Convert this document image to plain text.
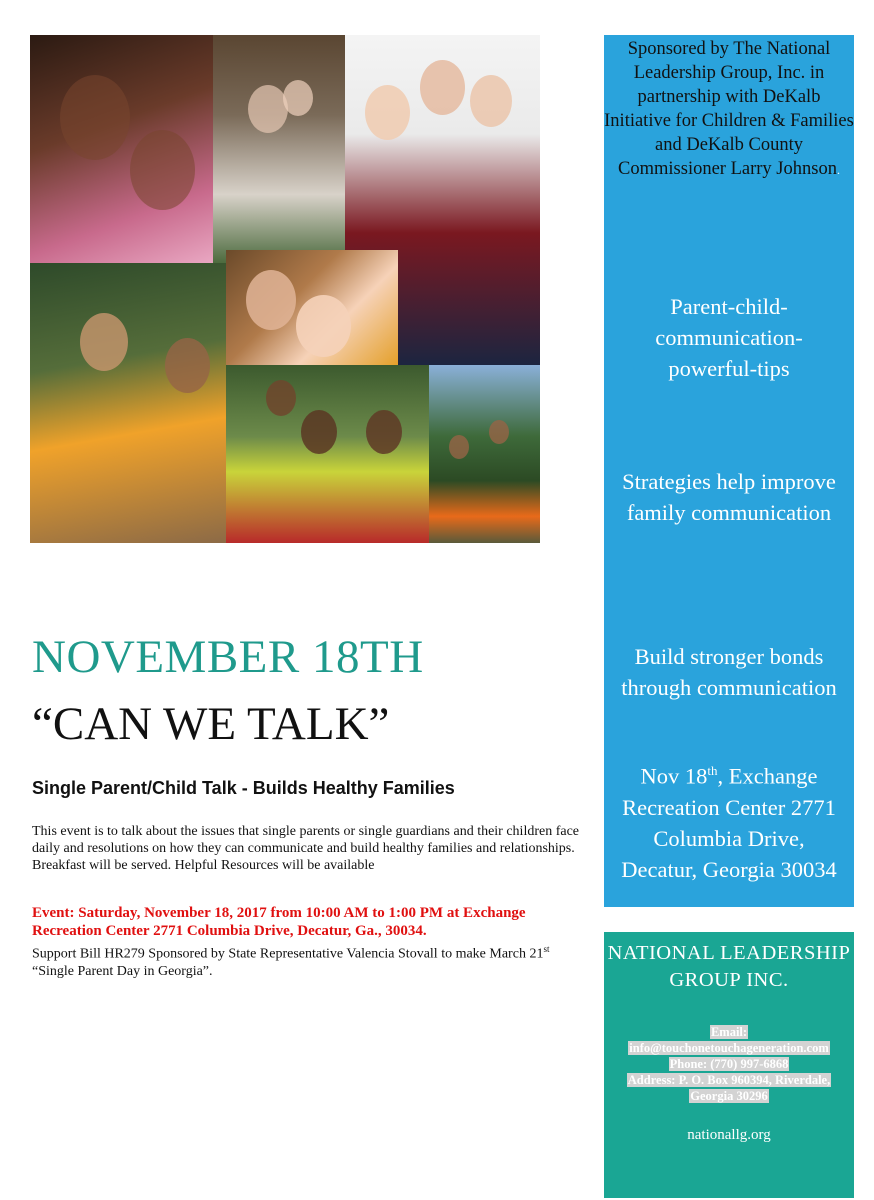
NOVEMBER 18TH
“CAN WE TALK”
Single Parent/Child Talk - Builds Healthy Families
This event is to talk about the issues that single parents or single guardians and their children face daily and resolutions on how they can communicate and build healthy families and relationships. Breakfast will be served. Helpful Resources will be available
Event: Saturday, November 18, 2017 from 10:00 AM to 1:00 PM at Exchange Recreation Center 2771 Columbia Drive, Decatur, Ga., 30034.
Support Bill HR279 Sponsored by State Representative Valencia Stovall to make March 21st “Single Parent Day in Georgia”.
Sponsored by The National Leadership Group, Inc. in partnership with DeKalb Initiative for Children & Families and DeKalb County Commissioner Larry Johnson.
Parent-child-communication-powerful-tips
Strategies help improve family communication
Build stronger bonds through communication
Nov 18th, Exchange Recreation Center 2771 Columbia Drive, Decatur, Georgia 30034
NATIONAL LEADERSHIP GROUP INC.
Email:
info@touchonetouchageneration.com
Phone: (770) 997-6868
Address: P. O. Box 960394, Riverdale,
Georgia 30296
nationallg.org
